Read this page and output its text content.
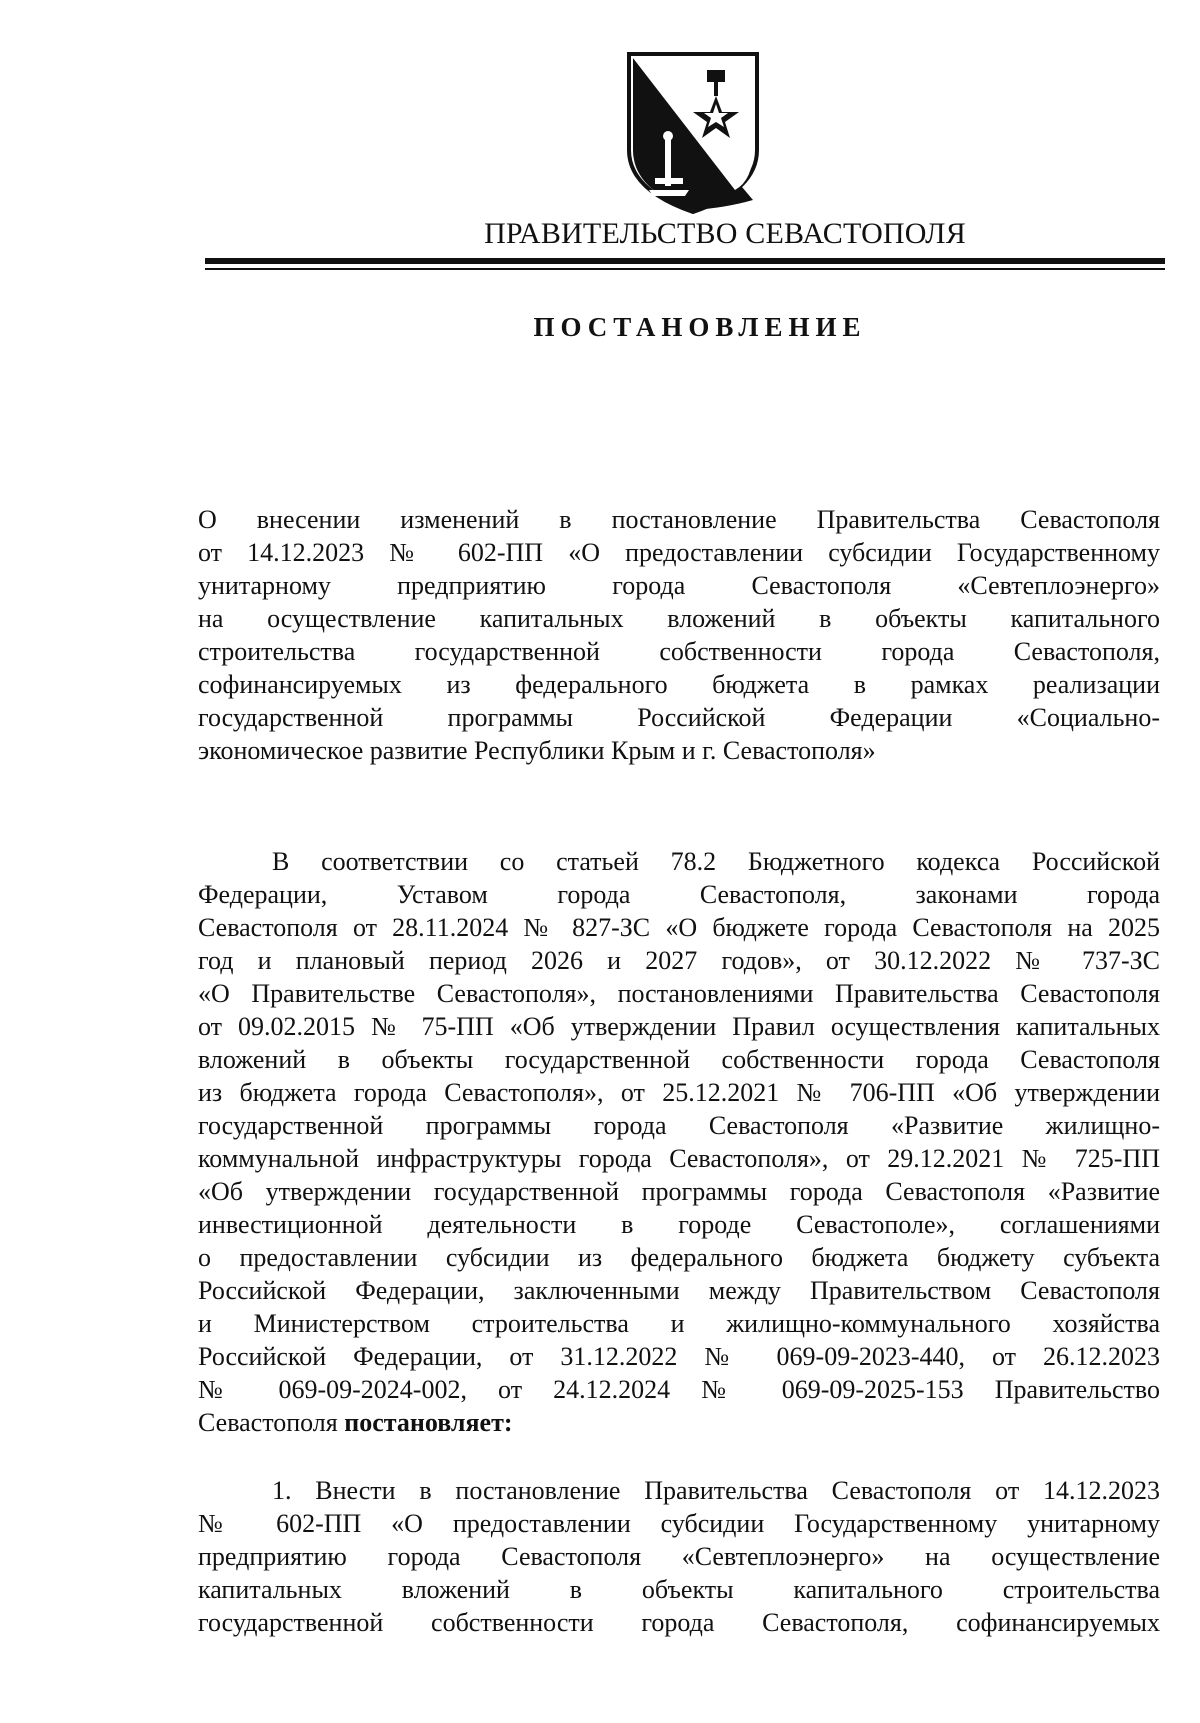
ПРАВИТЕЛЬСТВО СЕВАСТОПОЛЯ
ПОСТАНОВЛЕНИЕ
О внесении изменений в постановление Правительства Севастополя
от 14.12.2023 № 602-ПП «О предоставлении субсидии Государственному
унитарному предприятию города Севастополя «Севтеплоэнерго»
на осуществление капитальных вложений в объекты капитального
строительства государственной собственности города Севастополя,
софинансируемых из федерального бюджета в рамках реализации
государственной программы Российской Федерации «Социально-
экономическое развитие Республики Крым и г. Севастополя»
В соответствии со статьей 78.2 Бюджетного кодекса Российской
Федерации, Уставом города Севастополя, законами города
Севастополя от 28.11.2024 № 827-ЗС «О бюджете города Севастополя на 2025
год и плановый период 2026 и 2027 годов», от 30.12.2022 № 737-ЗС
«О Правительстве Севастополя», постановлениями Правительства Севастополя
от 09.02.2015 № 75-ПП «Об утверждении Правил осуществления капитальных
вложений в объекты государственной собственности города Севастополя
из бюджета города Севастополя», от 25.12.2021 № 706-ПП «Об утверждении
государственной программы города Севастополя «Развитие жилищно-
коммунальной инфраструктуры города Севастополя», от 29.12.2021 № 725-ПП
«Об утверждении государственной программы города Севастополя «Развитие
инвестиционной деятельности в городе Севастополе», соглашениями
о предоставлении субсидии из федерального бюджета бюджету субъекта
Российской Федерации, заключенными между Правительством Севастополя
и Министерством строительства и жилищно-коммунального хозяйства
Российской Федерации, от 31.12.2022 № 069-09-2023-440, от 26.12.2023
№ 069-09-2024-002, от 24.12.2024 № 069-09-2025-153 Правительство
Севастополя постановляет:
1. Внести в постановление Правительства Севастополя от 14.12.2023
№ 602-ПП «О предоставлении субсидии Государственному унитарному
предприятию города Севастополя «Севтеплоэнерго» на осуществление
капитальных вложений в объекты капитального строительства
государственной собственности города Севастополя, софинансируемых
